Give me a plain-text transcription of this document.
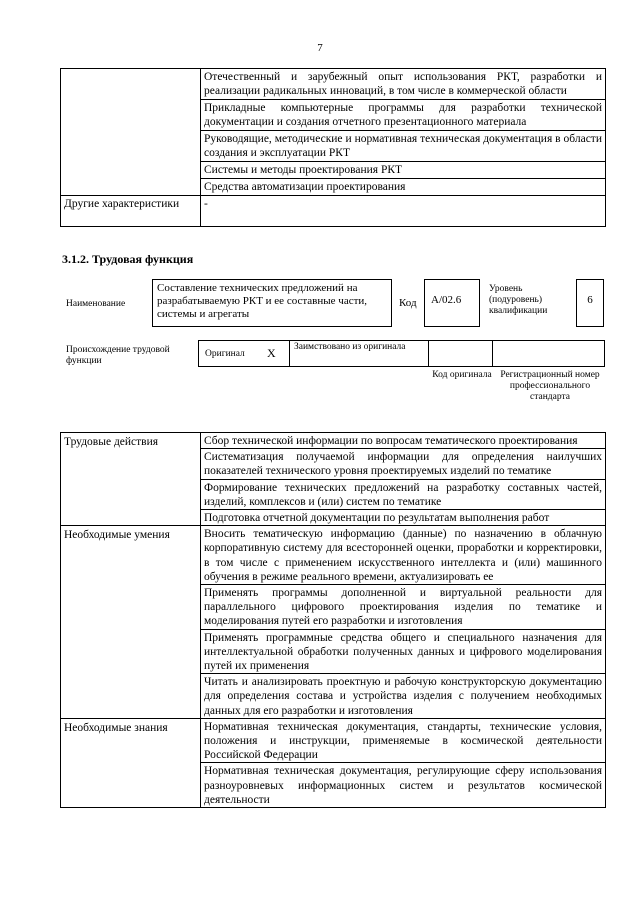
7
	Отечественный и зарубежный опыт использования РКТ, разработки и реализации радикальных инноваций, в том числе в коммерческой области
	Прикладные компьютерные программы для разработки технической документации и создания отчетного презентационного материала
	Руководящие, методические и нормативная техническая документация в области создания и эксплуатации РКТ
	Системы и методы проектирования РКТ
	Средства автоматизации проектирования
Другие характеристики	-
3.1.2. Трудовая функция
Наименование
Составление технических предложений на разрабатываемую РКТ и ее составные части, системы и агрегаты
Код	A/02.6
Уровень (подуровень) квалификации
6
Происхождение трудовой функции
Оригинал X Заимствовано из оригинала
Код оригинала Регистрационный номер профессионального стандарта
Трудовые действия	Сбор технической информации по вопросам тематического проектирования
	Систематизация получаемой информации для определения наилучших показателей технического уровня проектируемых изделий по тематике
	Формирование технических предложений на разработку составных частей, изделий, комплексов и (или) систем по тематике
	Подготовка отчетной документации по результатам выполнения работ
Необходимые умения	Вносить тематическую информацию (данные) по назначению в облачную корпоративную систему для всесторонней оценки, проработки и корректировки, в том числе с применением искусственного интеллекта и (или) машинного обучения в режиме реального времени, актуализировать ее
	Применять программы дополненной и виртуальной реальности для параллельного цифрового проектирования изделия по тематике и моделирования путей его разработки и изготовления
	Применять программные средства общего и специального назначения для интеллектуальной обработки полученных данных и цифрового моделирования путей их применения
	Читать и анализировать проектную и рабочую конструкторскую документацию для определения состава и устройства изделия с получением необходимых данных для его разработки и изготовления
Необходимые знания	Нормативная техническая документация, стандарты, технические условия, положения и инструкции, применяемые в космической деятельности Российской Федерации
	Нормативная техническая документация, регулирующие сферу использования разноуровневых информационных систем и результатов космической деятельности
